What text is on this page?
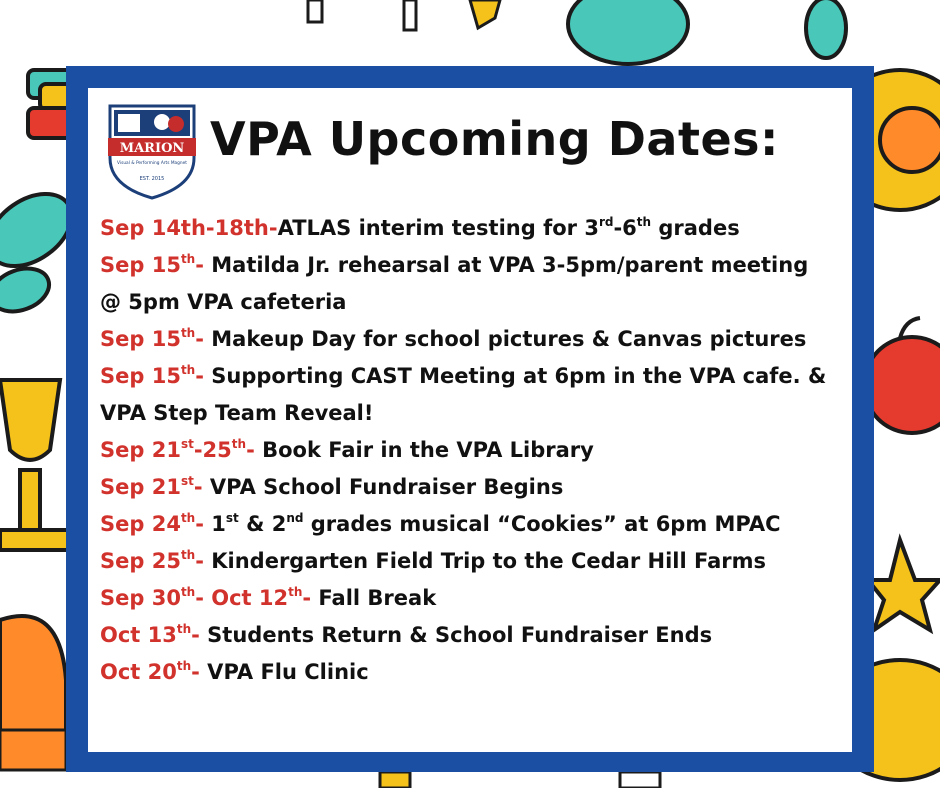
MARION
Visual & Performing Arts Magnet
EST. 2015
VPA Upcoming Dates:
Sep 14th-18th-ATLAS interim testing for 3rd-6th grades
Sep 15th- Matilda Jr. rehearsal at VPA 3-5pm/parent meeting
@ 5pm VPA cafeteria
Sep 15th- Makeup Day for school pictures & Canvas pictures
Sep 15th- Supporting CAST Meeting at 6pm in the VPA cafe. &
VPA Step Team Reveal!
Sep 21st-25th- Book Fair in the VPA Library
Sep 21st- VPA School Fundraiser Begins
Sep 24th- 1st & 2nd grades musical “Cookies” at 6pm MPAC
Sep 25th- Kindergarten Field Trip to the Cedar Hill Farms
Sep 30th- Oct 12th- Fall Break
Oct 13th- Students Return & School Fundraiser Ends
Oct 20th- VPA Flu Clinic
